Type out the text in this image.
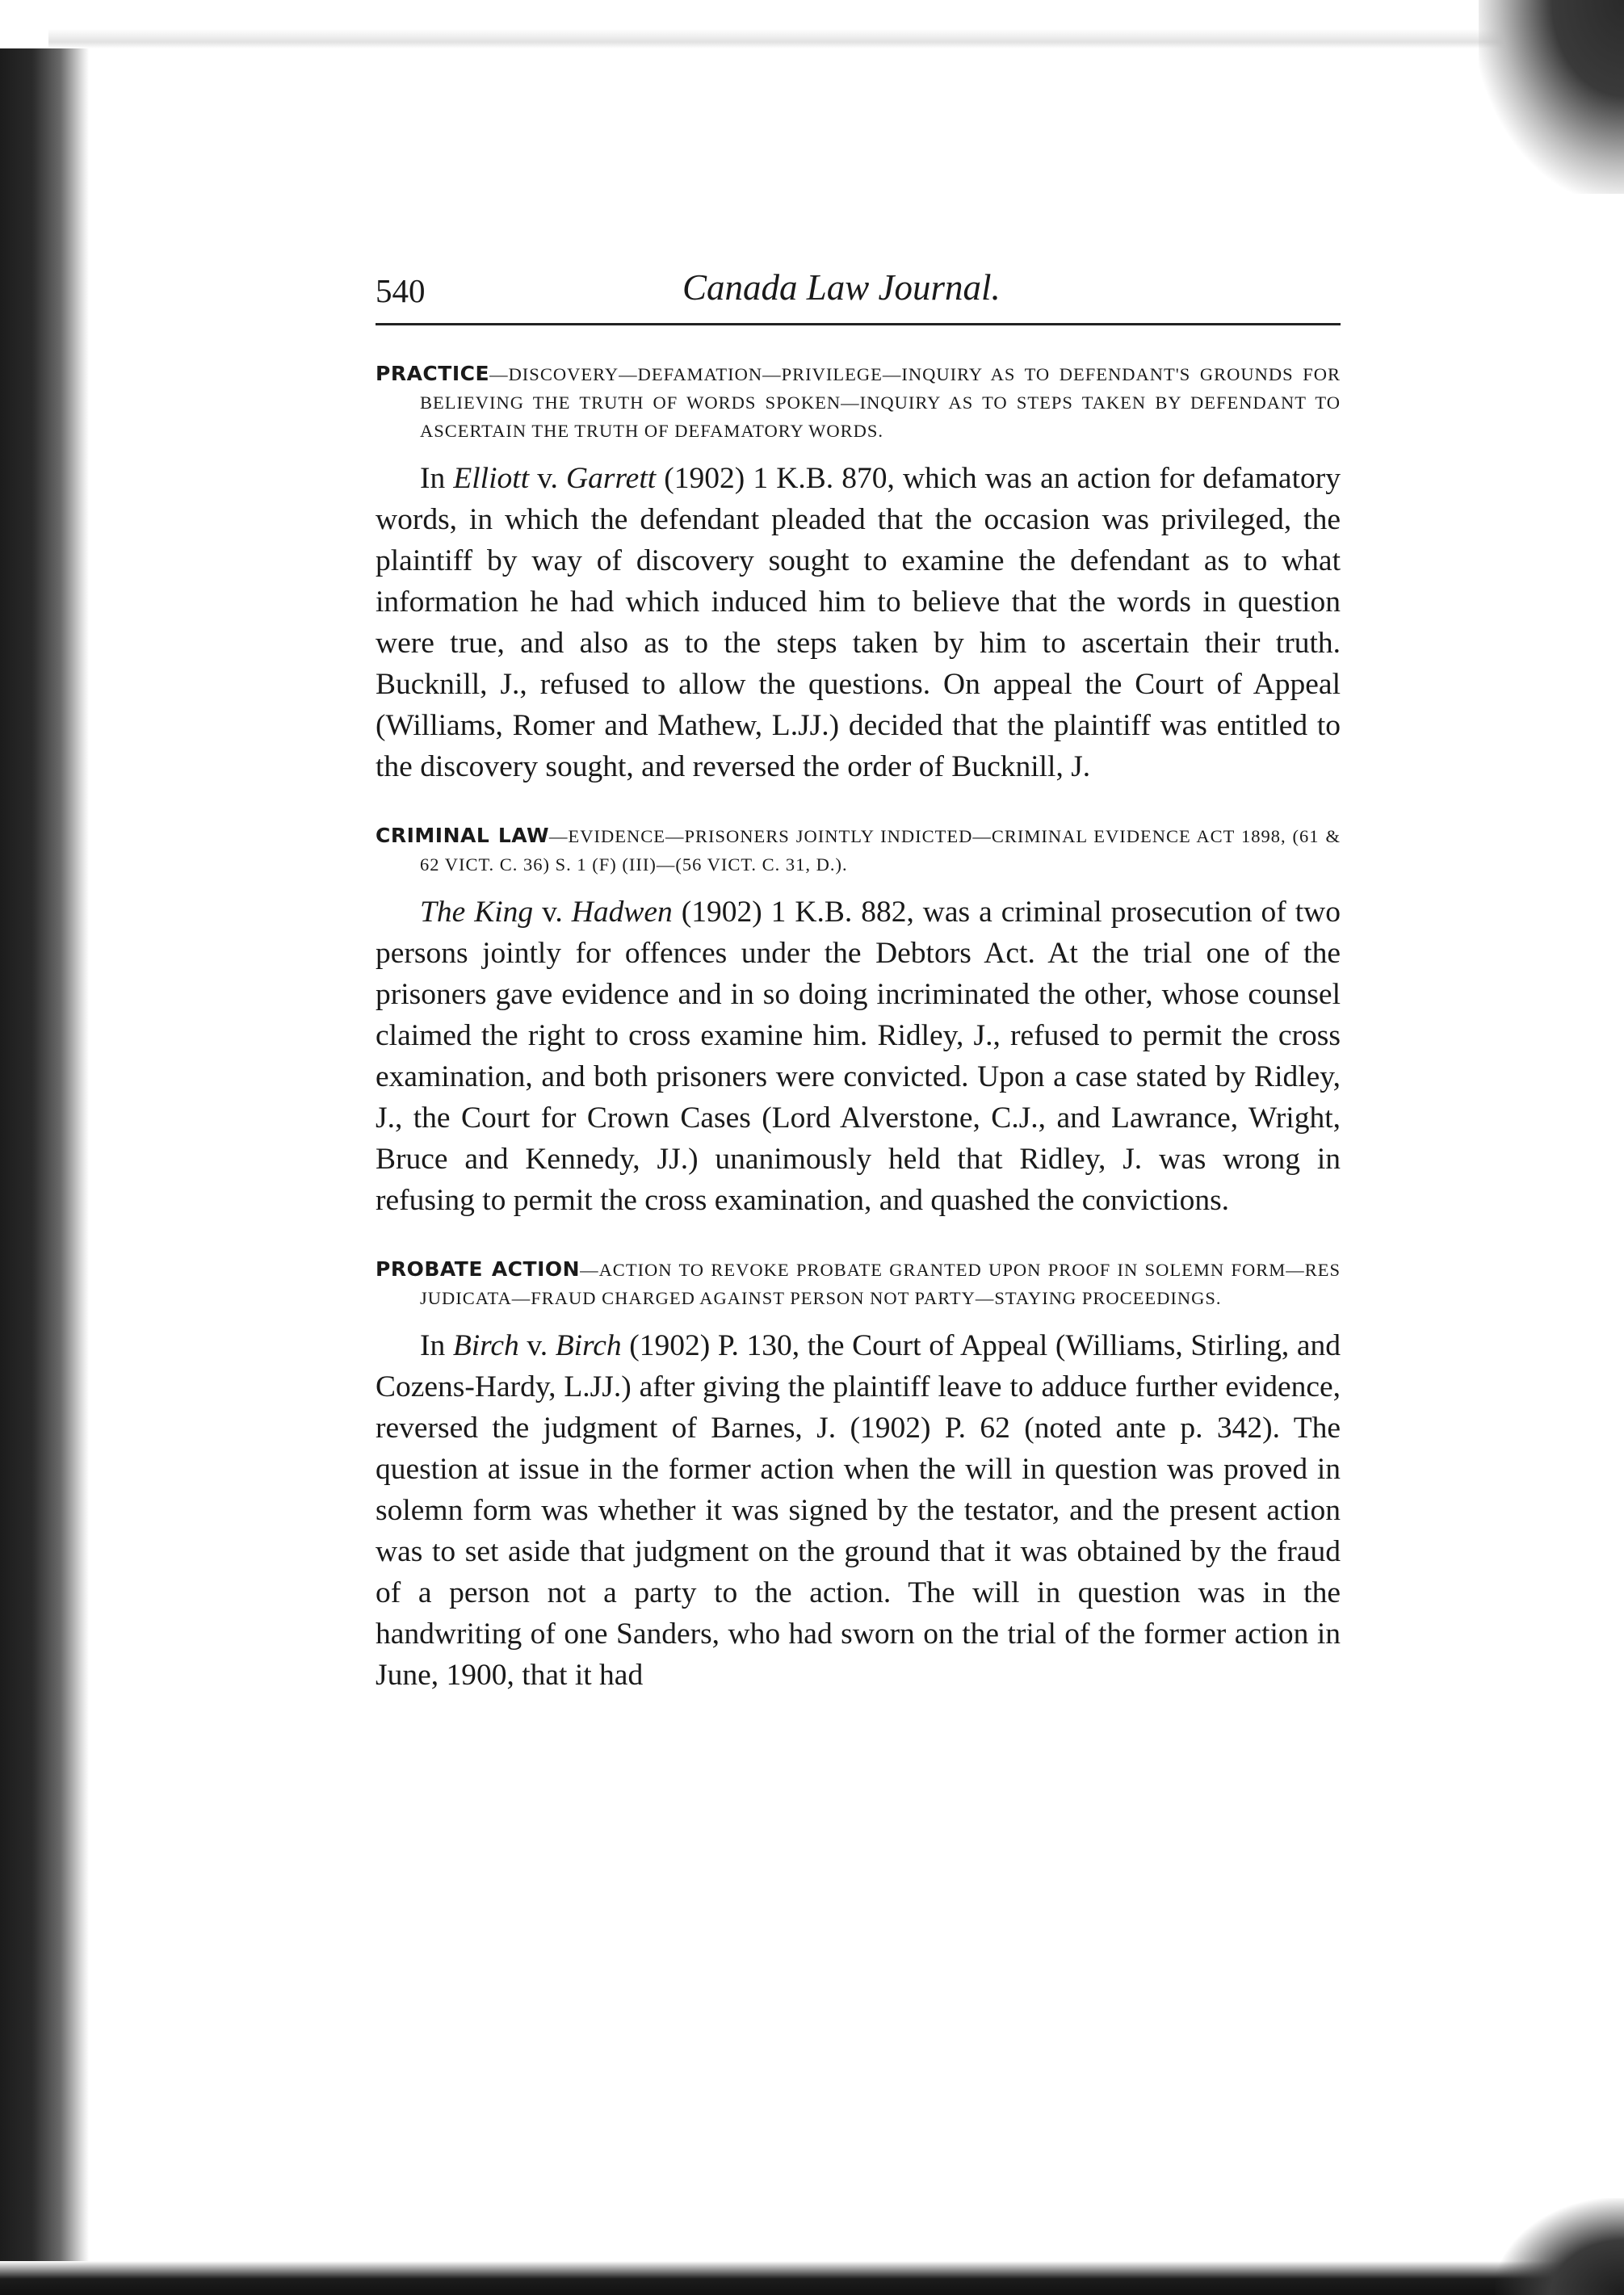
540	Canada Law Journal.
PRACTICE—DISCOVERY—DEFAMATION—PRIVILEGE—INQUIRY AS TO DEFENDANT'S GROUNDS FOR BELIEVING THE TRUTH OF WORDS SPOKEN—INQUIRY AS TO STEPS TAKEN BY DEFENDANT TO ASCERTAIN THE TRUTH OF DEFAMATORY WORDS.
In Elliott v. Garrett (1902) 1 K.B. 870, which was an action for defamatory words, in which the defendant pleaded that the occasion was privileged, the plaintiff by way of discovery sought to examine the defendant as to what information he had which induced him to believe that the words in question were true, and also as to the steps taken by him to ascertain their truth. Bucknill, J., refused to allow the questions. On appeal the Court of Appeal (Williams, Romer and Mathew, L.JJ.) decided that the plaintiff was entitled to the discovery sought, and reversed the order of Bucknill, J.
CRIMINAL LAW—EVIDENCE—PRISONERS JOINTLY INDICTED—CRIMINAL EVIDENCE ACT 1898, (61 & 62 VICT. C. 36) S. 1 (F) (III)—(56 VICT. C. 31, D.).
The King v. Hadwen (1902) 1 K.B. 882, was a criminal prosecution of two persons jointly for offences under the Debtors Act. At the trial one of the prisoners gave evidence and in so doing incriminated the other, whose counsel claimed the right to cross examine him. Ridley, J., refused to permit the cross examination, and both prisoners were convicted. Upon a case stated by Ridley, J., the Court for Crown Cases (Lord Alverstone, C.J., and Lawrance, Wright, Bruce and Kennedy, JJ.) unanimously held that Ridley, J. was wrong in refusing to permit the cross examination, and quashed the convictions.
PROBATE ACTION—ACTION TO REVOKE PROBATE GRANTED UPON PROOF IN SOLEMN FORM—RES JUDICATA—FRAUD CHARGED AGAINST PERSON NOT PARTY—STAYING PROCEEDINGS.
In Birch v. Birch (1902) P. 130, the Court of Appeal (Williams, Stirling, and Cozens-Hardy, L.JJ.) after giving the plaintiff leave to adduce further evidence, reversed the judgment of Barnes, J. (1902) P. 62 (noted ante p. 342). The question at issue in the former action when the will in question was proved in solemn form was whether it was signed by the testator, and the present action was to set aside that judgment on the ground that it was obtained by the fraud of a person not a party to the action. The will in question was in the handwriting of one Sanders, who had sworn on the trial of the former action in June, 1900, that it had
